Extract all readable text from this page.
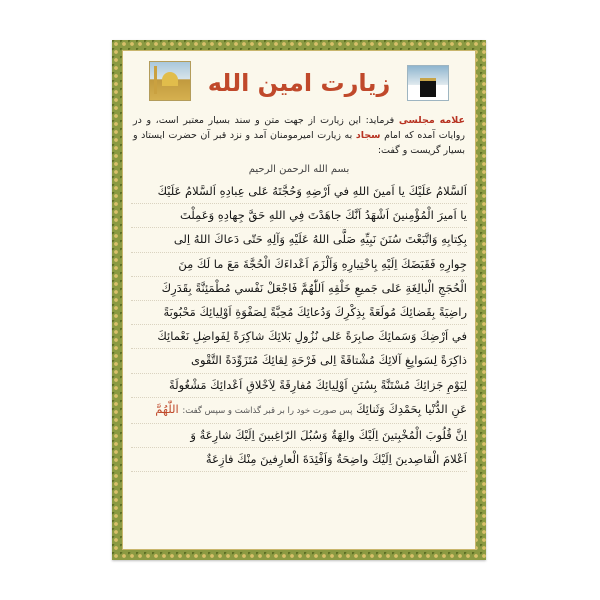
زیارت امین الله
علامه مجلسی فرماید: این زیارت از جهت متن و سند بسیار معتبر است، و در روایات آمده که امام سجاد به زیارت امیرمومنان آمد و نزد قبر آن حضرت ایستاد و بسیار گریست و گفت:
بسم الله الرحمن الرحیم
اَلسَّلامُ عَلَيْكَ يا اَمينَ اللهِ في اَرْضِهِ وَحُجَّتَهُ عَلى عِبادِهِ اَلسَّلامُ عَلَيْكَ
يا اَميرَ الْمُؤْمِنينَ اَشْهَدُ اَنَّكَ جاهَدْتَ فِي اللهِ حَقَّ جِهادِهِ وَعَمِلْتَ
بِكِتابِهِ وَاتَّبَعْتَ سُنَنَ نَبِيِّهِ صَلَّى اللهُ عَلَيْهِ وَآلِهِ حَتّى دَعاكَ اللهُ اِلى
جِوارِهِ فَقَبَضَكَ اِلَيْهِ بِاخْتِيارِهِ وَاَلْزَمَ اَعْداءَكَ الْحُجَّةَ مَعَ ما لَكَ مِنَ
الْحُجَجِ الْبالِغَةِ عَلى جَميعِ خَلْقِهِ اَللّٰهُمَّ فَاجْعَلْ نَفْسي مُطْمَئِنَّةً بِقَدَرِكَ
راضِيَةً بِقَضائِكَ مُولَعَةً بِذِكْرِكَ وَدُعائِكَ مُحِبَّةً لِصَفْوَةِ اَوْلِيائِكَ مَحْبُوبَةً
في اَرْضِكَ وَسَمائِكَ صابِرَةً عَلى نُزُولِ بَلائِكَ شاكِرَةً لِفَواضِلِ نَعْمائِكَ
ذاكِرَةً لِسَوابِغِ آلائِكَ مُشْتاقَةً اِلى فَرْحَةِ لِقائِكَ مُتَزَوِّدَةً التَّقْوى
لِيَوْمِ جَزائِكَ مُسْتَنَّةً بِسُنَنِ اَوْلِيائِكَ مُفارِقَةً لِاَخْلاقِ اَعْدائِكَ مَشْغُولَةً
عَنِ الدُّنْيا بِحَمْدِكَ وَثَنائِكَ پس صورت خود را بر قبر گذاشت و سپس گفت: اللّٰهُمَّ
اِنَّ قُلُوبَ الْمُخْبِتينَ اِلَيْكَ والِهَةٌ وَسُبُلَ الرّاغِبينَ اِلَيْكَ شارِعَةٌ وَ
اَعْلامَ الْقاصِدينَ اِلَيْكَ واضِحَةٌ وَاَفْئِدَةَ الْعارِفينَ مِنْكَ فازِعَةٌ
